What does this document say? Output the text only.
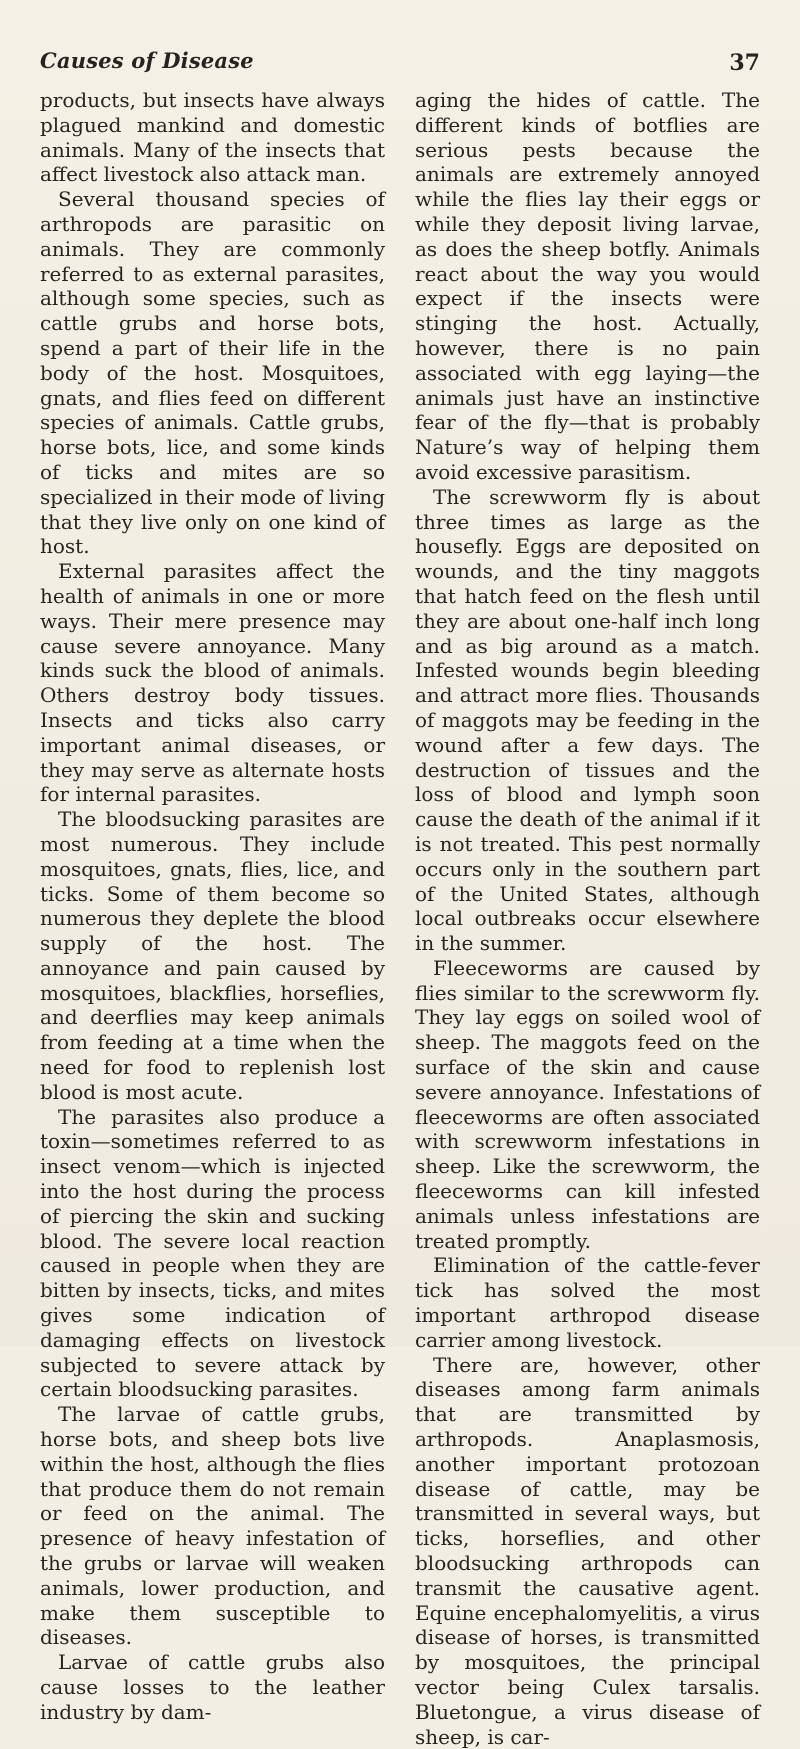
Causes of Disease	37

products, but insects have always plagued mankind and domestic animals. Many of the insects that affect livestock also attack man.

Several thousand species of arthropods are parasitic on animals. They are commonly referred to as external parasites, although some species, such as cattle grubs and horse bots, spend a part of their life in the body of the host. Mosquitoes, gnats, and flies feed on different species of animals. Cattle grubs, horse bots, lice, and some kinds of ticks and mites are so specialized in their mode of living that they live only on one kind of host.

External parasites affect the health of animals in one or more ways. Their mere presence may cause severe annoyance. Many kinds suck the blood of animals. Others destroy body tissues. Insects and ticks also carry important animal diseases, or they may serve as alternate hosts for internal parasites.

The bloodsucking parasites are most numerous. They include mosquitoes, gnats, flies, lice, and ticks. Some of them become so numerous they deplete the blood supply of the host. The annoyance and pain caused by mosquitoes, blackflies, horseflies, and deerflies may keep animals from feeding at a time when the need for food to replenish lost blood is most acute.

The parasites also produce a toxin—sometimes referred to as insect venom—which is injected into the host during the process of piercing the skin and sucking blood. The severe local reaction caused in people when they are bitten by insects, ticks, and mites gives some indication of damaging effects on livestock subjected to severe attack by certain bloodsucking parasites.

The larvae of cattle grubs, horse bots, and sheep bots live within the host, although the flies that produce them do not remain or feed on the animal. The presence of heavy infestation of the grubs or larvae will weaken animals, lower production, and make them susceptible to diseases.

Larvae of cattle grubs also cause losses to the leather industry by dam-

aging the hides of cattle. The different kinds of botflies are serious pests because the animals are extremely annoyed while the flies lay their eggs or while they deposit living larvae, as does the sheep botfly. Animals react about the way you would expect if the insects were stinging the host. Actually, however, there is no pain associated with egg laying—the animals just have an instinctive fear of the fly—that is probably Nature’s way of helping them avoid excessive parasitism.

The screwworm fly is about three times as large as the housefly. Eggs are deposited on wounds, and the tiny maggots that hatch feed on the flesh until they are about one-half inch long and as big around as a match. Infested wounds begin bleeding and attract more flies. Thousands of maggots may be feeding in the wound after a few days. The destruction of tissues and the loss of blood and lymph soon cause the death of the animal if it is not treated. This pest normally occurs only in the southern part of the United States, although local outbreaks occur elsewhere in the summer.

Fleeceworms are caused by flies similar to the screwworm fly. They lay eggs on soiled wool of sheep. The maggots feed on the surface of the skin and cause severe annoyance. Infestations of fleeceworms are often associated with screwworm infestations in sheep. Like the screwworm, the fleeceworms can kill infested animals unless infestations are treated promptly.

Elimination of the cattle-fever tick has solved the most important arthropod disease carrier among livestock.

There are, however, other diseases among farm animals that are transmitted by arthropods. Anaplasmosis, another important protozoan disease of cattle, may be transmitted in several ways, but ticks, horseflies, and other bloodsucking arthropods can transmit the causative agent. Equine encephalomyelitis, a virus disease of horses, is transmitted by mosquitoes, the principal vector being Culex tarsalis. Bluetongue, a virus disease of sheep, is car-
